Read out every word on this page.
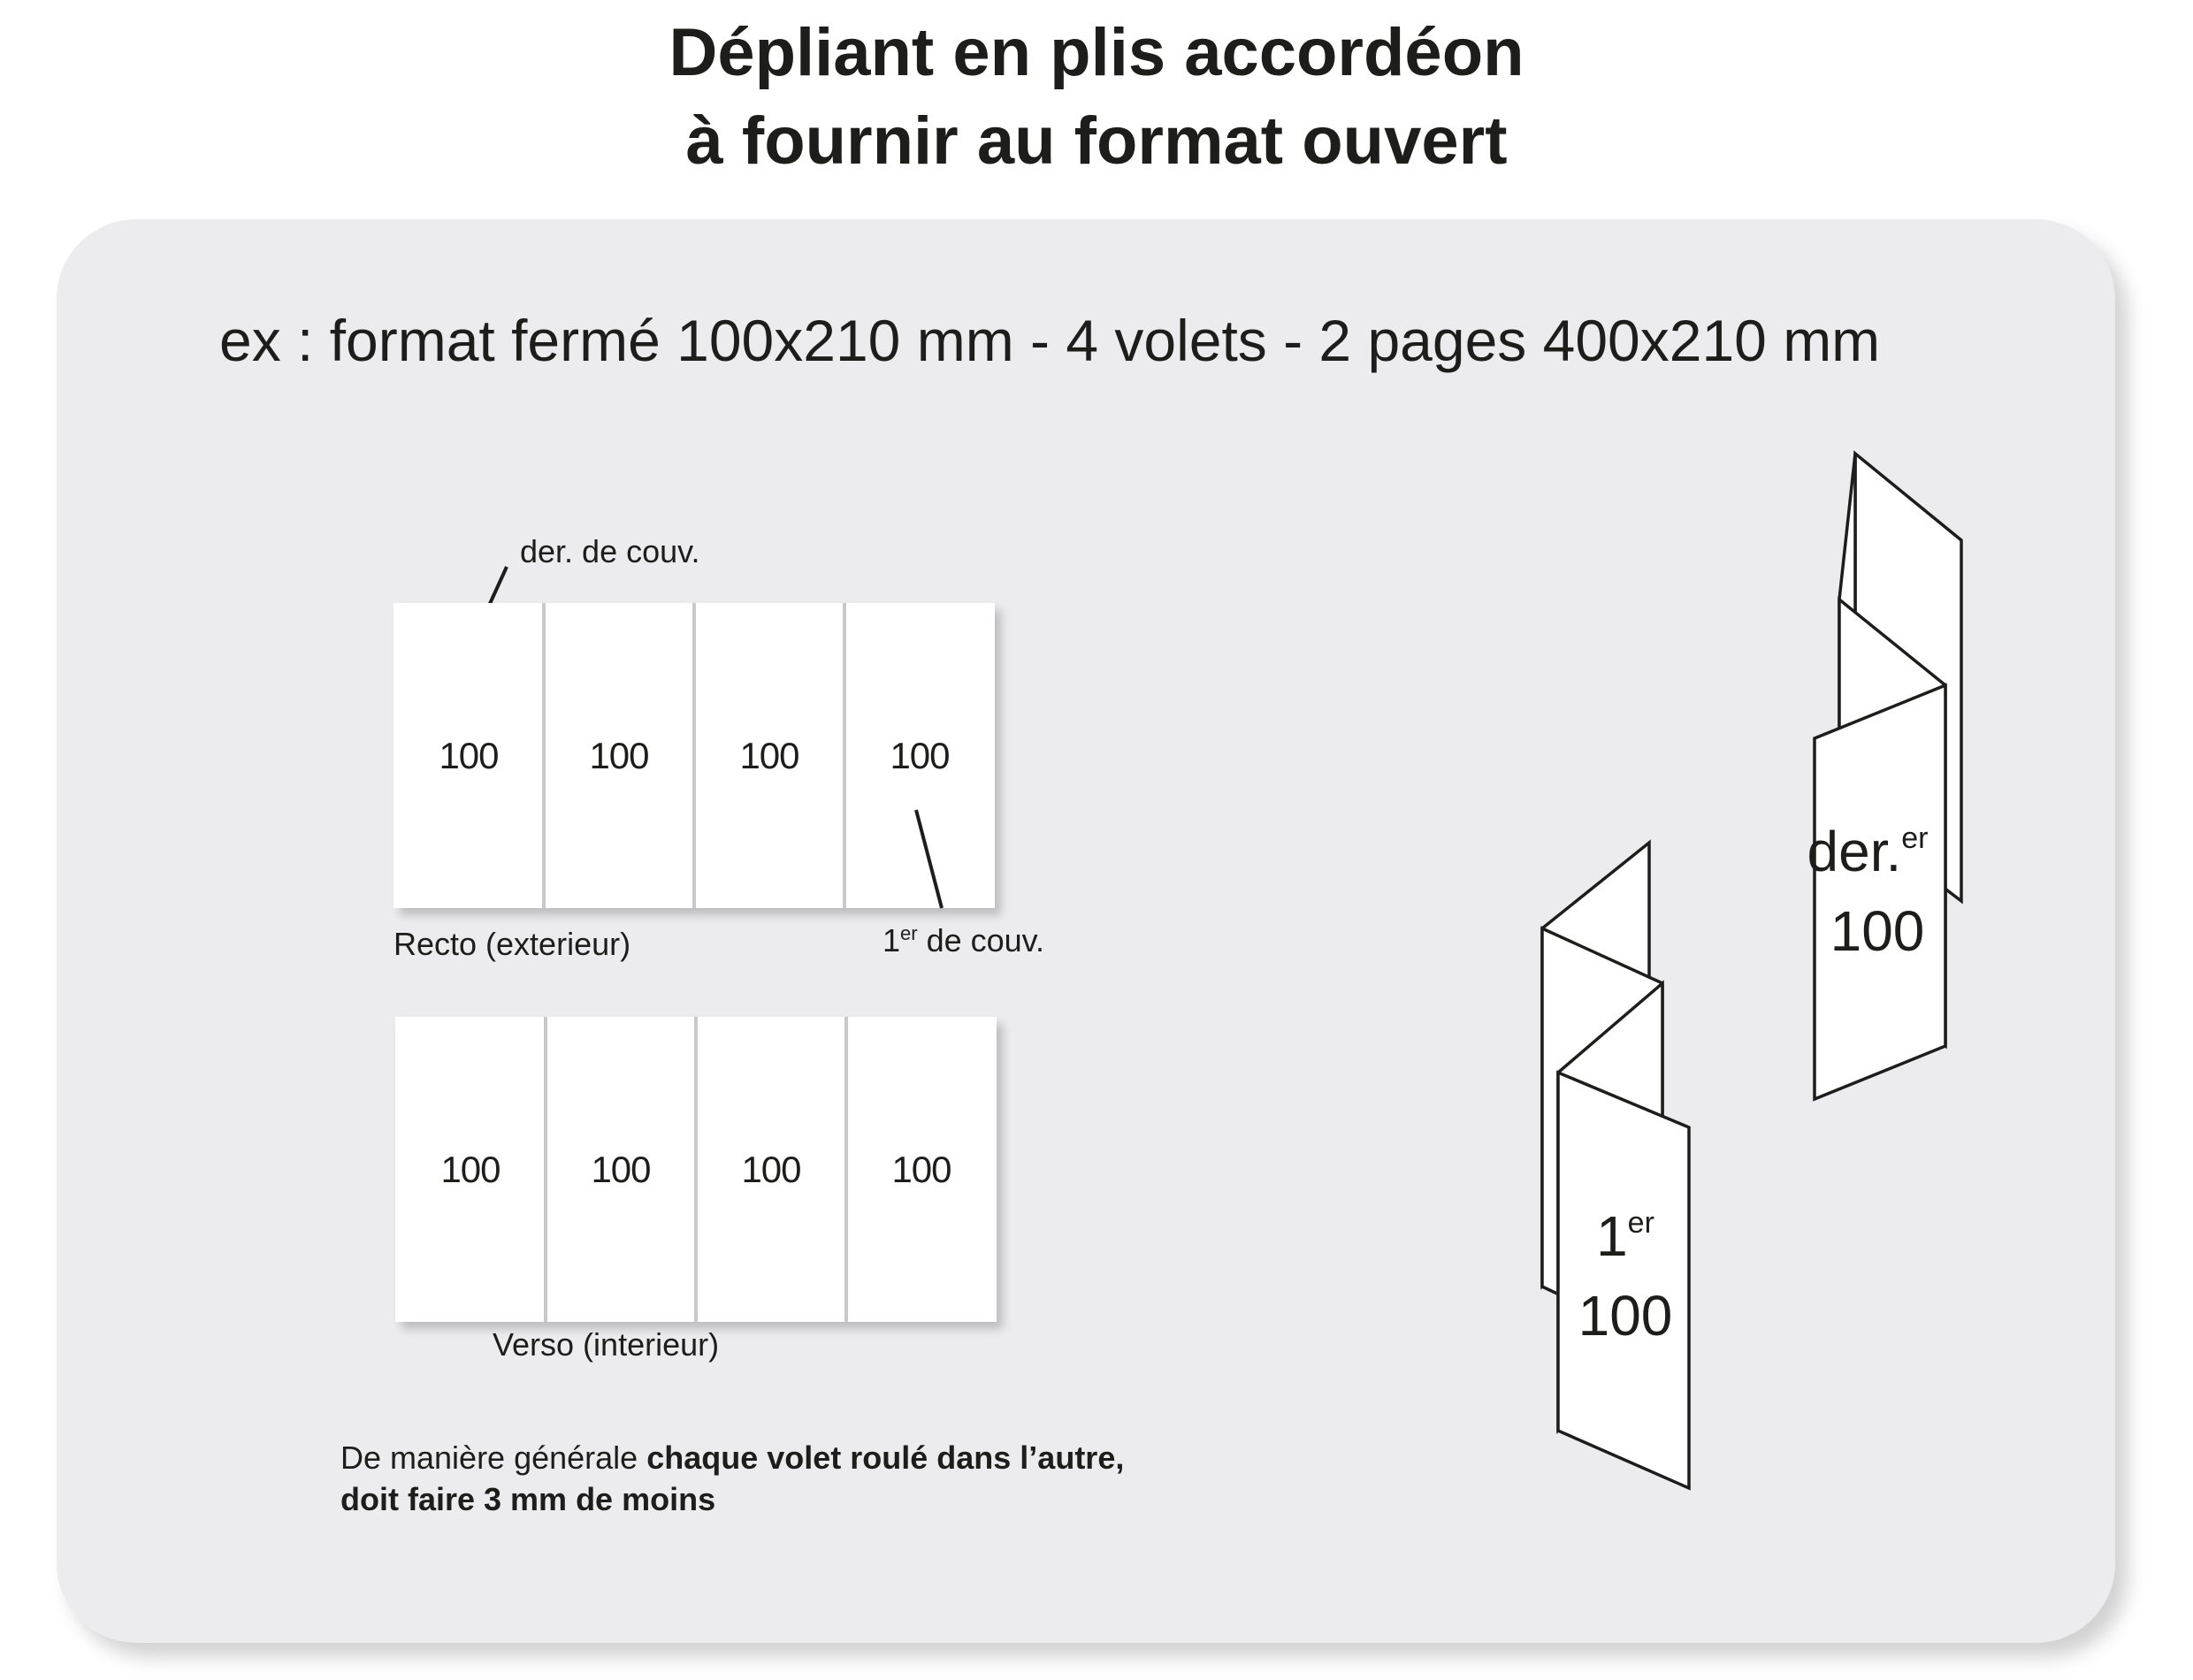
Dépliant en plis accordéon
à fournir au format ouvert
ex : format fermé 100x210 mm - 4 volets - 2 pages 400x210 mm
der. de couv.
100	100	100	100
Recto (exterieur)	1er de couv.
100	100	100	100
Verso (interieur)
De manière générale chaque volet roulé dans l’autre, doit faire 3 mm de moins
der.$^{er}$
100
1er
100
